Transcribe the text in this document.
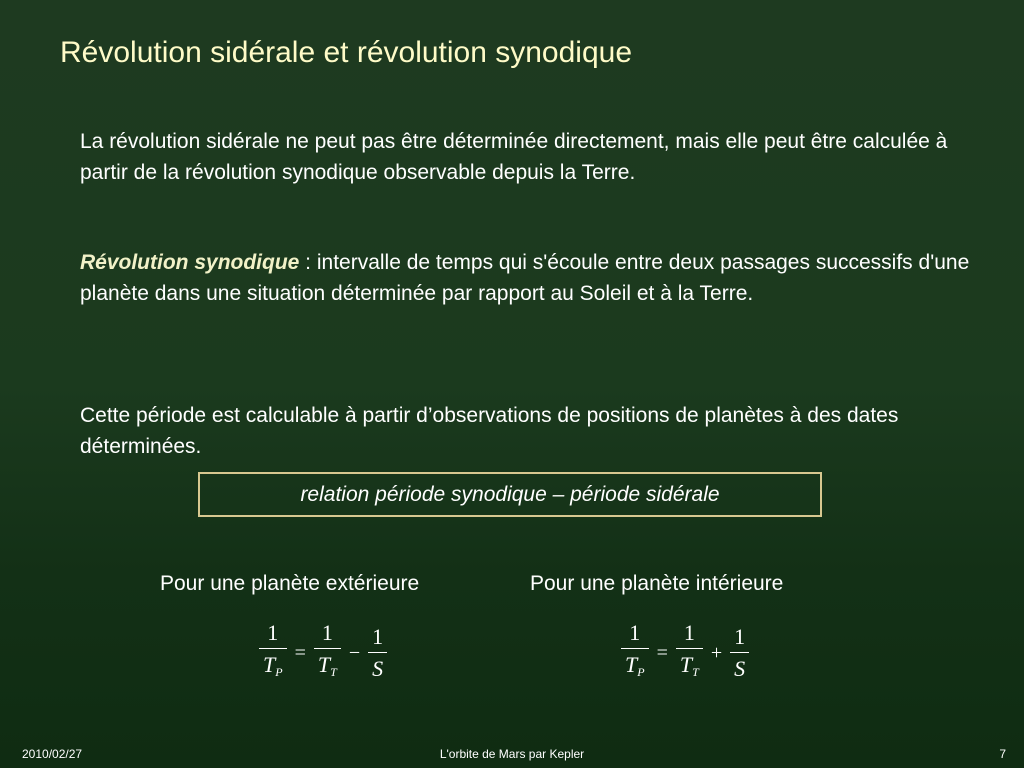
Révolution sidérale et révolution synodique
La révolution sidérale ne peut pas être déterminée directement, mais elle peut être calculée à partir de la révolution synodique observable depuis la Terre.
Révolution synodique : intervalle de temps qui s'écoule entre deux passages successifs d'une planète dans une situation déterminée par rapport au Soleil et à la Terre.
Cette période est calculable à partir d’observations de positions de planètes à des dates déterminées.
relation période synodique – période sidérale
Pour une planète extérieure	Pour une planète intérieure
$\frac{1}{T_P} = \frac{1}{T_T} - \frac{1}{S}$	$\frac{1}{T_P} = \frac{1}{T_T} + \frac{1}{S}$
2010/02/27	L'orbite de Mars par Kepler	7
